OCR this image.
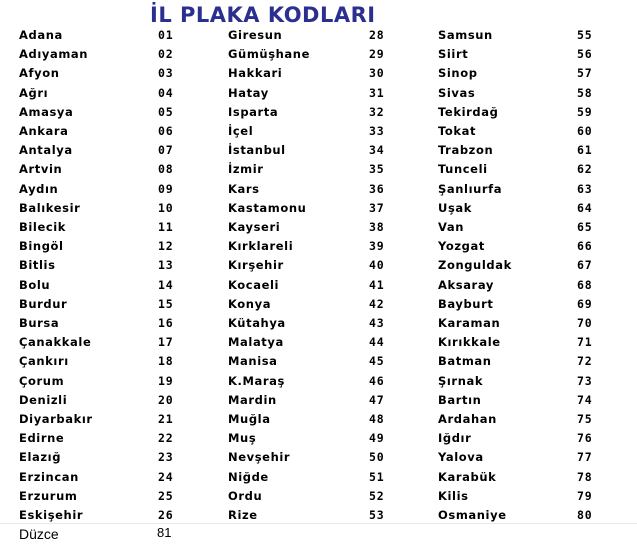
İL PLAKA KODLARI
Adana	01
Adıyaman	02
Afyon	03
Ağrı	04
Amasya	05
Ankara	06
Antalya	07
Artvin	08
Aydın	09
Balıkesir	10
Bilecik	11
Bingöl	12
Bitlis	13
Bolu	14
Burdur	15
Bursa	16
Çanakkale	17
Çankırı	18
Çorum	19
Denizli	20
Diyarbakır	21
Edirne	22
Elazığ	23
Erzincan	24
Erzurum	25
Eskişehir	26
Giresun	28
Gümüşhane	29
Hakkari	30
Hatay	31
Isparta	32
İçel	33
İstanbul	34
İzmir	35
Kars	36
Kastamonu	37
Kayseri	38
Kırklareli	39
Kırşehir	40
Kocaeli	41
Konya	42
Kütahya	43
Malatya	44
Manisa	45
K.Maraş	46
Mardin	47
Muğla	48
Muş	49
Nevşehir	50
Niğde	51
Ordu	52
Rize	53
Samsun	55
Siirt	56
Sinop	57
Sivas	58
Tekirdağ	59
Tokat	60
Trabzon	61
Tunceli	62
Şanlıurfa	63
Uşak	64
Van	65
Yozgat	66
Zonguldak	67
Aksaray	68
Bayburt	69
Karaman	70
Kırıkkale	71
Batman	72
Şırnak	73
Bartın	74
Ardahan	75
Iğdır	76
Yalova	77
Karabük	78
Kilis	79
Osmaniye	80
Düzce	81
